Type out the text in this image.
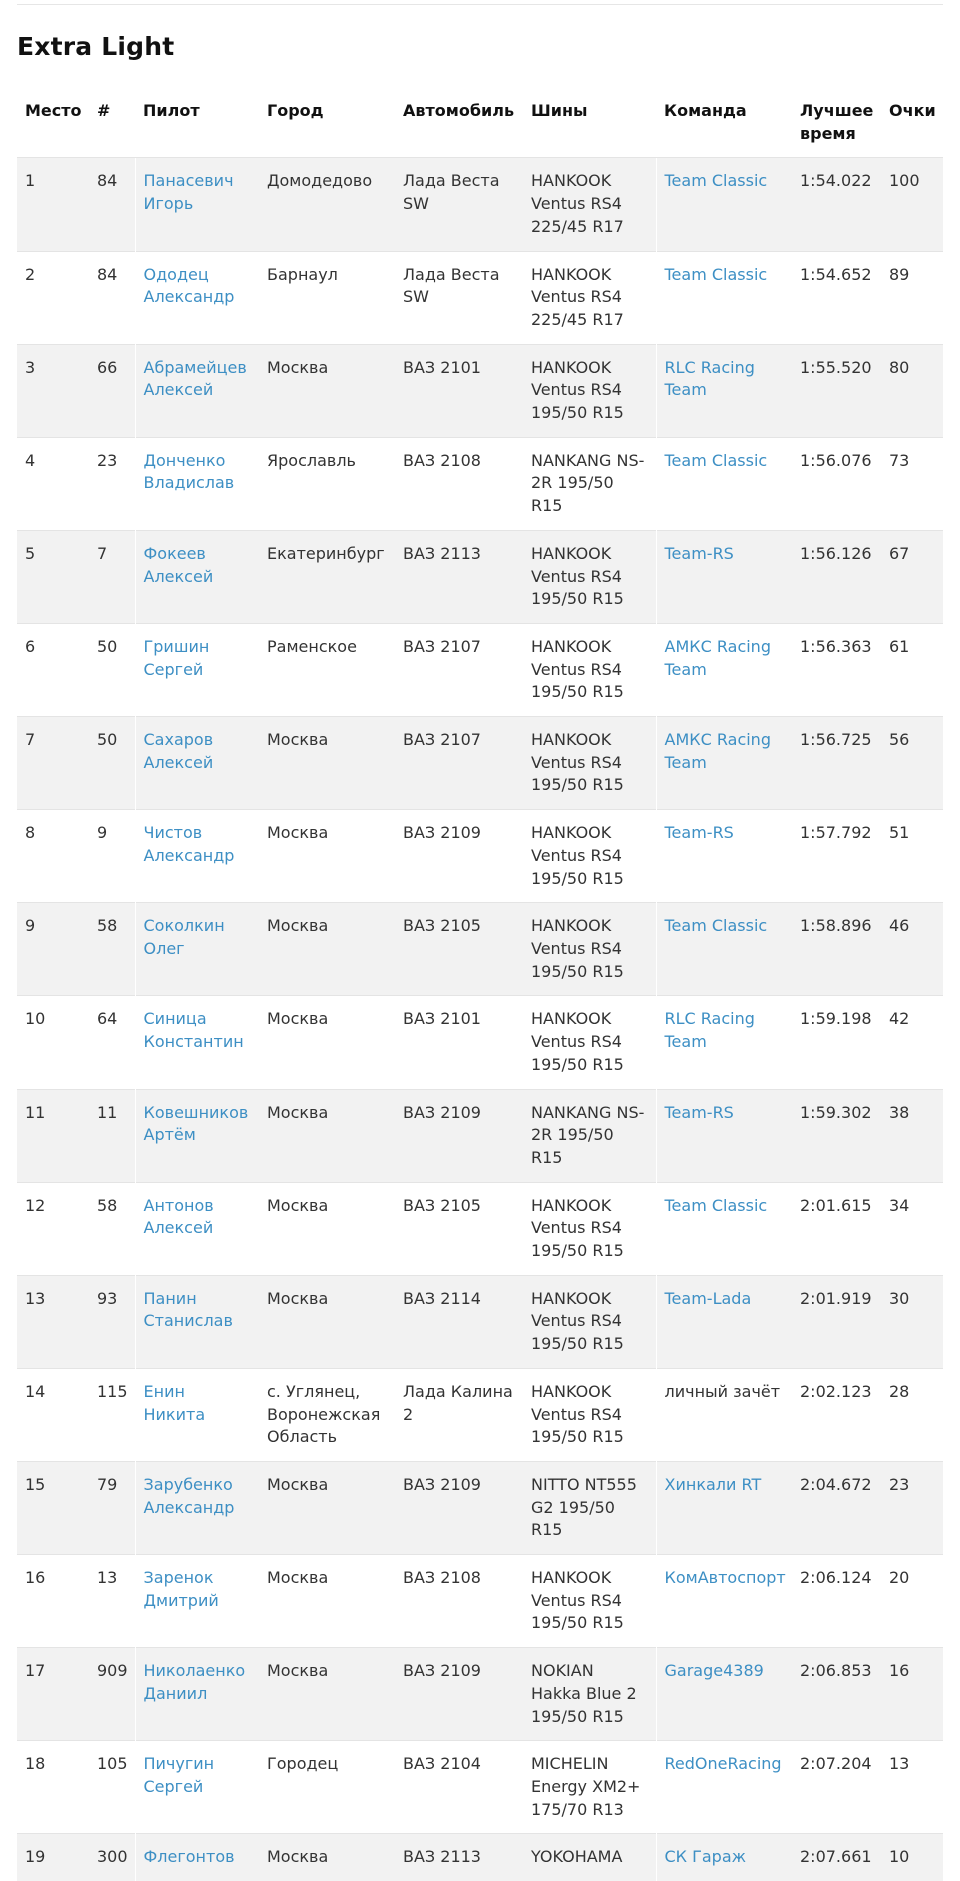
Extra Light
Место	#	Пилот	Город	Автомобиль	Шины	Команда	Лучшее время	Очки
1	84	Панасевич Игорь	Домодедово	Лада Веста SW	HANKOOK Ventus RS4 225/45 R17	Team Classic	1:54.022	100
2	84	Ододец Александр	Барнаул	Лада Веста SW	HANKOOK Ventus RS4 225/45 R17	Team Classic	1:54.652	89
3	66	Абрамейцев Алексей	Москва	ВАЗ 2101	HANKOOK Ventus RS4 195/50 R15	RLC Racing Team	1:55.520	80
4	23	Донченко Владислав	Ярославль	ВАЗ 2108	NANKANG NS-2R 195/50 R15	Team Classic	1:56.076	73
5	7	Фокеев Алексей	Екатеринбург	ВАЗ 2113	HANKOOK Ventus RS4 195/50 R15	Team-RS	1:56.126	67
6	50	Гришин Сергей	Раменское	ВАЗ 2107	HANKOOK Ventus RS4 195/50 R15	АМКС Racing Team	1:56.363	61
7	50	Сахаров Алексей	Москва	ВАЗ 2107	HANKOOK Ventus RS4 195/50 R15	АМКС Racing Team	1:56.725	56
8	9	Чистов Александр	Москва	ВАЗ 2109	HANKOOK Ventus RS4 195/50 R15	Team-RS	1:57.792	51
9	58	Соколкин Олег	Москва	ВАЗ 2105	HANKOOK Ventus RS4 195/50 R15	Team Classic	1:58.896	46
10	64	Синица Константин	Москва	ВАЗ 2101	HANKOOK Ventus RS4 195/50 R15	RLC Racing Team	1:59.198	42
11	11	Ковешников Артём	Москва	ВАЗ 2109	NANKANG NS-2R 195/50 R15	Team-RS	1:59.302	38
12	58	Антонов Алексей	Москва	ВАЗ 2105	HANKOOK Ventus RS4 195/50 R15	Team Classic	2:01.615	34
13	93	Панин Станислав	Москва	ВАЗ 2114	HANKOOK Ventus RS4 195/50 R15	Team-Lada	2:01.919	30
14	115	Енин Никита	с. Углянец, Воронежская Область	Лада Калина 2	HANKOOK Ventus RS4 195/50 R15	личный зачёт	2:02.123	28
15	79	Зарубенко Александр	Москва	ВАЗ 2109	NITTO NT555 G2 195/50 R15	Хинкали RT	2:04.672	23
16	13	Заренок Дмитрий	Москва	ВАЗ 2108	HANKOOK Ventus RS4 195/50 R15	КомАвтоспорт	2:06.124	20
17	909	Николаенко Даниил	Москва	ВАЗ 2109	NOKIAN Hakka Blue 2 195/50 R15	Garage4389	2:06.853	16
18	105	Пичугин Сергей	Городец	ВАЗ 2104	MICHELIN Energy XM2+ 175/70 R13	RedOneRacing	2:07.204	13
19	300	Флегонтов	Москва	ВАЗ 2113	YOKOHAMA	СК Гараж	2:07.661	10
